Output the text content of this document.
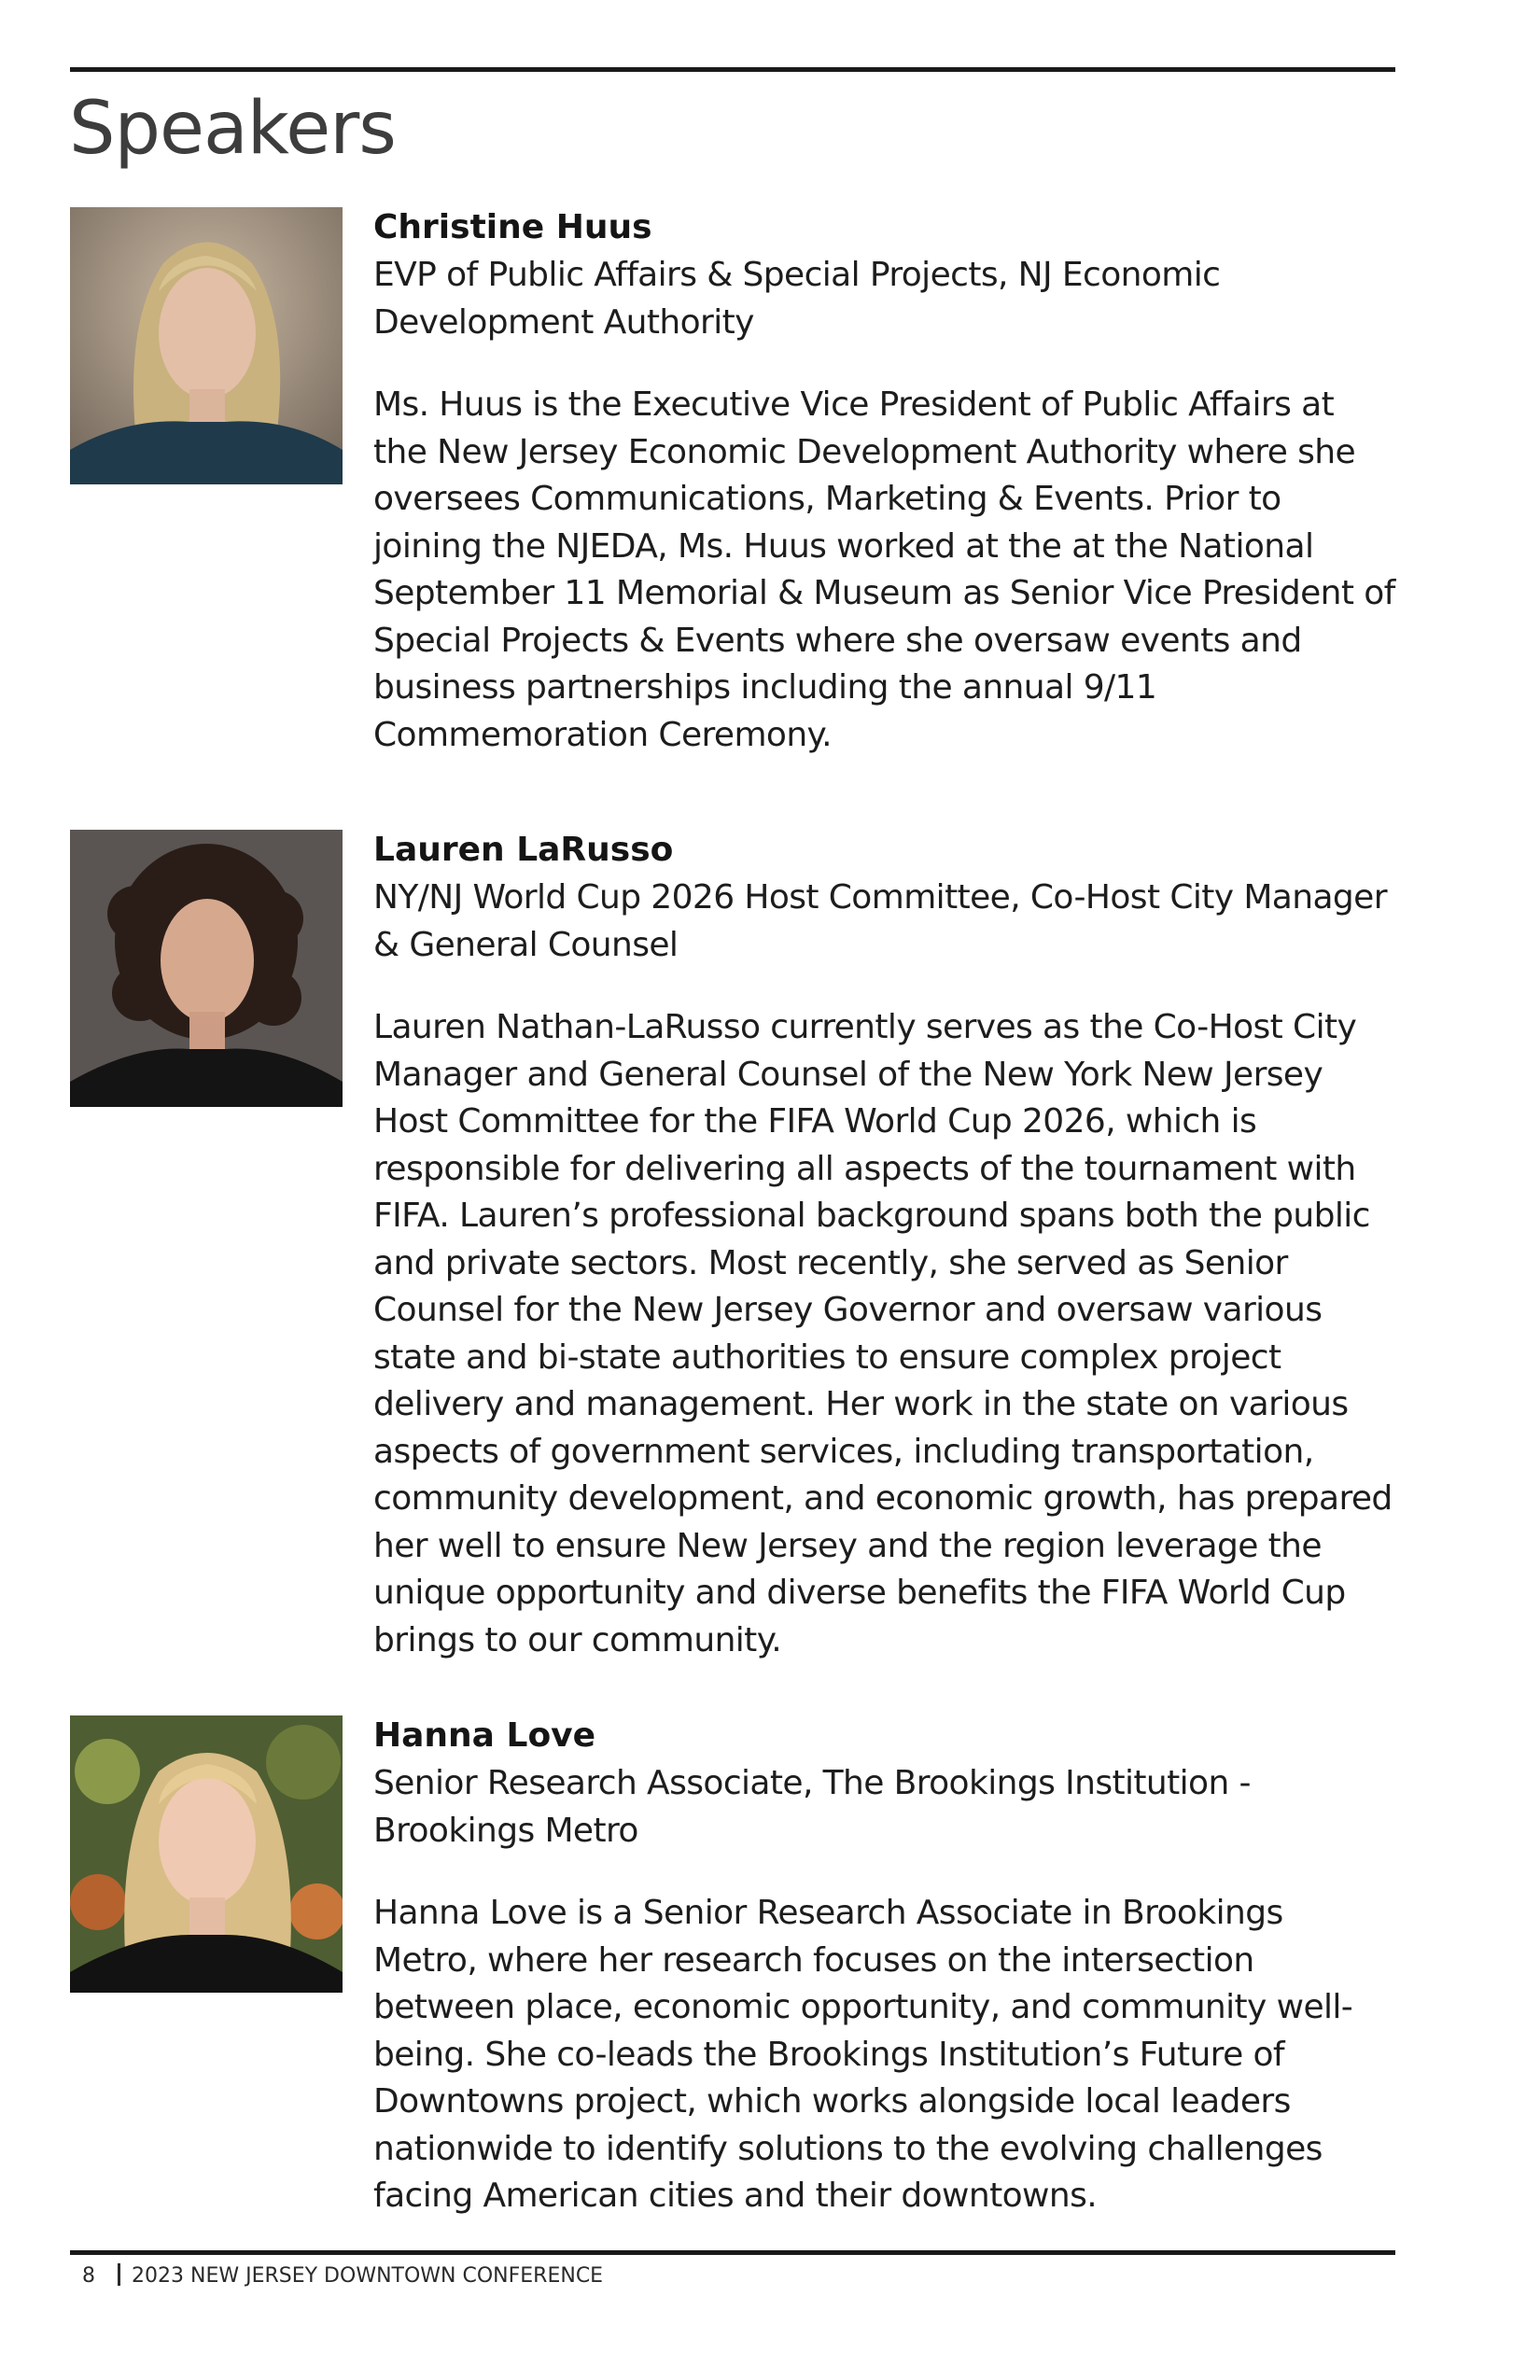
Speakers

Christine Huus

EVP of Public Affairs & Special Projects, NJ Economic Development Authority

Ms. Huus is the Executive Vice President of Public Affairs at the New Jersey Economic Development Authority where she oversees Communications, Marketing & Events. Prior to joining the NJEDA, Ms. Huus worked at the at the National September 11 Memorial & Museum as Senior Vice President of Special Projects & Events where she oversaw events and business partnerships including the annual 9/11 Commemoration Ceremony.

Lauren LaRusso

NY/NJ World Cup 2026 Host Committee, Co-Host City Manager & General Counsel

Lauren Nathan-LaRusso currently serves as the Co-Host City Manager and General Counsel of the New York New Jersey Host Committee for the FIFA World Cup 2026, which is responsible for delivering all aspects of the tournament with FIFA. Lauren’s professional background spans both the public and private sectors. Most recently, she served as Senior Counsel for the New Jersey Governor and oversaw various state and bi-state authorities to ensure complex project delivery and management. Her work in the state on various aspects of government services, including transportation, community development, and economic growth, has prepared her well to ensure New Jersey and the region leverage the unique opportunity and diverse benefits the FIFA World Cup brings to our community.

Hanna Love

Senior Research Associate, The Brookings Institution - Brookings Metro

Hanna Love is a Senior Research Associate in Brookings Metro, where her research focuses on the intersection between place, economic opportunity, and community well-being. She co-leads the Brookings Institution’s Future of Downtowns project, which works alongside local leaders nationwide to identify solutions to the evolving challenges facing American cities and their downtowns.

8 2023 NEW JERSEY DOWNTOWN CONFERENCE
